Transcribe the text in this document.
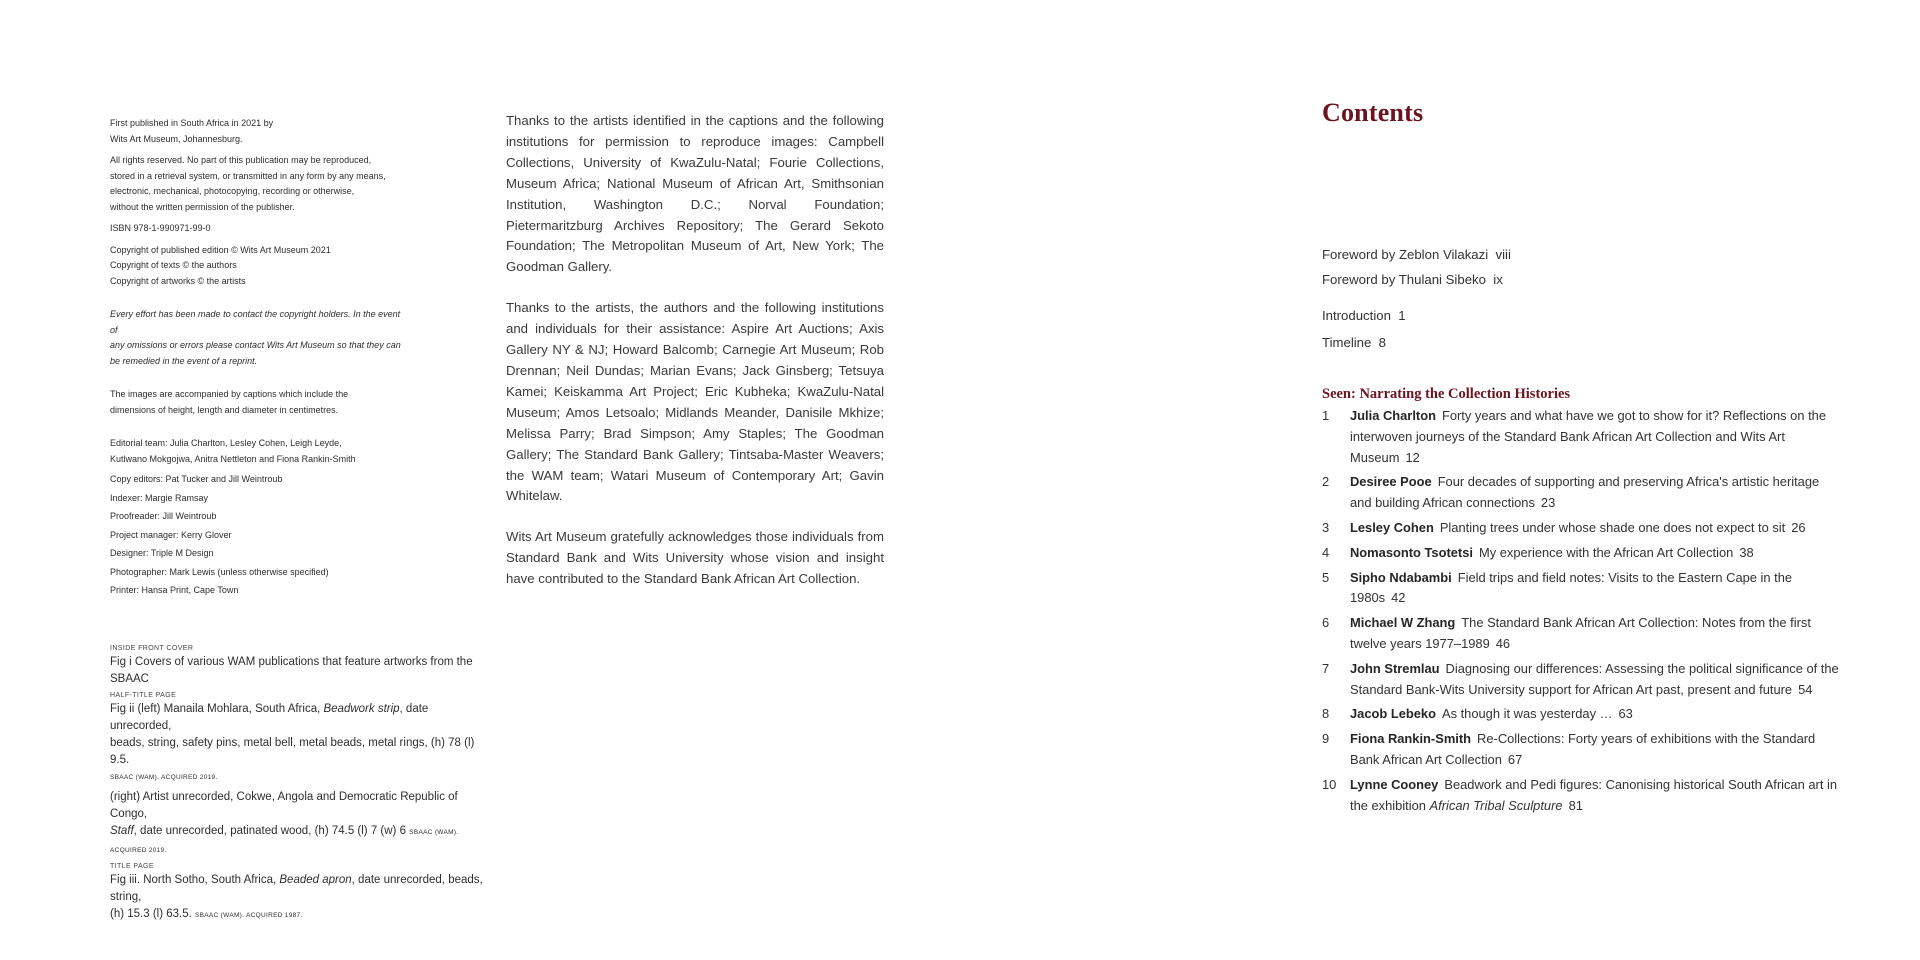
First published in South Africa in 2021 by

Wits Art Museum, Johannesburg.

All rights reserved. No part of this publication may be reproduced,

stored in a retrieval system, or transmitted in any form by any means,

electronic, mechanical, photocopying, recording or otherwise,

without the written permission of the publisher.

ISBN 978-1-990971-99-0

Copyright of published edition © Wits Art Museum 2021

Copyright of texts © the authors

Copyright of artworks © the artists

Every effort has been made to contact the copyright holders. In the event of

any omissions or errors please contact Wits Art Museum so that they can

be remedied in the event of a reprint.

The images are accompanied by captions which include the

dimensions of height, length and diameter in centimetres.

Editorial team: Julia Charlton, Lesley Cohen, Leigh Leyde,

Kutlwano Mokgojwa, Anitra Nettleton and Fiona Rankin-Smith

Copy editors: Pat Tucker and Jill Weintroub

Indexer: Margie Ramsay

Proofreader: Jill Weintroub

Project manager: Kerry Glover

Designer: Triple M Design

Photographer: Mark Lewis (unless otherwise specified)

Printer: Hansa Print, Cape Town

INSIDE FRONT COVER

Fig i Covers of various WAM publications that feature artworks from the SBAAC

HALF-TITLE PAGE

Fig ii (left) Manaila Mohlara, South Africa, Beadwork strip, date unrecorded,

beads, string, safety pins, metal bell, metal beads, metal rings, (h) 78 (l) 9.5.

SBAAC (WAM). ACQUIRED 2019.

(right) Artist unrecorded, Cokwe, Angola and Democratic Republic of Congo,

Staff, date unrecorded, patinated wood, (h) 74.5 (l) 7 (w) 6 SBAAC (WAM). ACQUIRED 2019.

TITLE PAGE

Fig iii. North Sotho, South Africa, Beaded apron, date unrecorded, beads, string,

(h) 15.3 (l) 63.5. SBAAC (WAM). ACQUIRED 1987.

Thanks to the artists identified in the captions and the following institutions for permission to reproduce images: Campbell Collections, University of KwaZulu-Natal; Fourie Collections, Museum Africa; National Museum of African Art, Smithsonian Institution, Washington D.C.; Norval Foundation; Pietermaritzburg Archives Repository; The Gerard Sekoto Foundation; The Metropolitan Museum of Art, New York; The Goodman Gallery.

Thanks to the artists, the authors and the following institutions and individuals for their assistance: Aspire Art Auctions; Axis Gallery NY & NJ; Howard Balcomb; Carnegie Art Museum; Rob Drennan; Neil Dundas; Marian Evans; Jack Ginsberg; Tetsuya Kamei; Keiskamma Art Project; Eric Kubheka; KwaZulu-Natal Museum; Amos Letsoalo; Midlands Meander, Danisile Mkhize; Melissa Parry; Brad Simpson; Amy Staples; The Goodman Gallery; The Standard Bank Gallery; Tintsaba-Master Weavers; the WAM team; Watari Museum of Contemporary Art; Gavin Whitelaw.

Wits Art Museum gratefully acknowledges those individuals from Standard Bank and Wits University whose vision and insight have contributed to the Standard Bank African Art Collection.

Contents
Foreword by Zeblon Vilakazi viii
Foreword by Thulani Sibeko ix
Introduction 1
Timeline 8
Seen: Narrating the Collection Histories
1	Julia Charlton Forty years and what have we got to show for it? Reflections on the interwoven journeys of the Standard Bank African Art Collection and Wits Art Museum 12
2	Desiree Pooe Four decades of supporting and preserving Africa's artistic heritage and building African connections 23
3	Lesley Cohen Planting trees under whose shade one does not expect to sit 26
4	Nomasonto Tsotetsi My experience with the African Art Collection 38
5	Sipho Ndabambi Field trips and field notes: Visits to the Eastern Cape in the 1980s 42
6	Michael W Zhang The Standard Bank African Art Collection: Notes from the first twelve years 1977–1989 46
7	John Stremlau Diagnosing our differences: Assessing the political significance of the Standard Bank-Wits University support for African Art past, present and future 54
8	Jacob Lebeko As though it was yesterday … 63
9	Fiona Rankin-Smith Re-Collections: Forty years of exhibitions with the Standard Bank African Art Collection 67
10	Lynne Cooney Beadwork and Pedi figures: Canonising historical South African art in the exhibition African Tribal Sculpture 81
